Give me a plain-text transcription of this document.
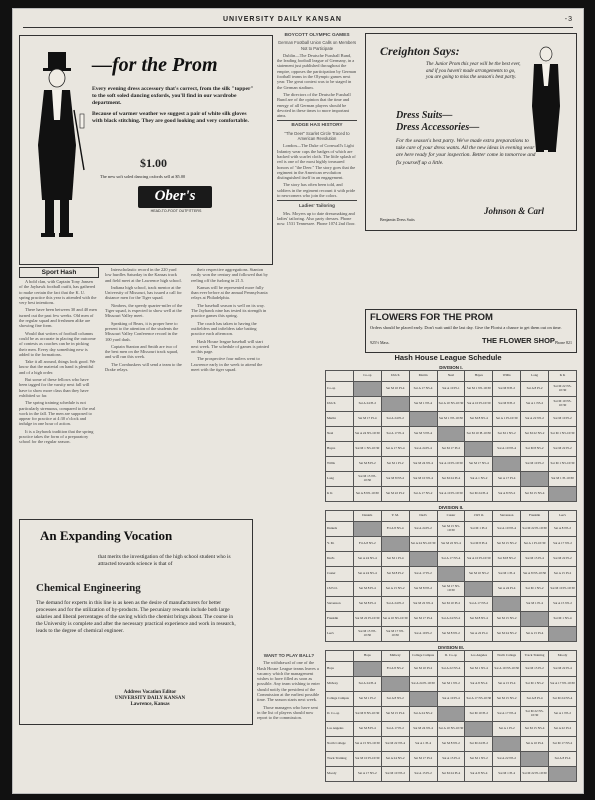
UNIVERSITY DAILY KANSAN	-3
—for the Prom
Every evening dress accessory that's correct, from the silk "topper" to the soft soled dancing oxfords, you'll find in our wardrobe department.
Because of warmer weather we suggest a pair of white silk gloves with black stitching. They are good looking and very comfortable.
$1.00
The new soft soled dancing oxfords sell at $5.00
Ober's
HEAD-TO-FOOT OUTFITTERS
Sport Hash

A bold clan, with Captain Tony Jansen of the Jayhawk football outfit, has gathered to make certain the fact that the K. U. spring practice this year is attended with the very best intentions.

There have been between 30 and 40 men turned out the past few weeks. Old men of the regular squad and freshmen alike are showing fine form.

Would that writers of football columns could be as accurate in placing the outcome of contests as coaches can be in picking their men. Every day something new is added to the formations.

Take it all around, things look good. We know that the material on hand is plentiful and of a high order.

But some of these fellows who have been tagged for the varsity next fall will have to show more class than they have exhibited so far.

The spring training schedule is not particularly strenuous, compared to the real work in the fall. The men are supposed to appear for practice at 4:30 o'clock and indulge in one hour of action.

It is a Jayhawk tradition that the spring practice takes the form of a preparatory school for the regular season.

Interscholastic record in the 220 yard low hurdles Saturday in the Kansas track and field meet at the Lawrence high school.

Indiana high school, track mentor at the University of Missouri, has issued a call for distance men for the Tiger squad.

Nimbers, the speedy quarter-miler of the Tiger squad, is expected to show well at the Missouri Valley meet.

Speaking of Bears, it is proper here to present to the attention of the students the Missouri Valley Conference record in the 100 yard dash.

Captain Stanton and Smith are two of the best men on the Missouri track squad, and will run this week.

The Cornhuskers will send a team to the Drake relays.

their respective aggregations. Stanton easily won the century and followed that by reeling off the furlong in 21.5.

Kansas will be represented more fully than ever before at the annual Pennsylvania relays at Philadelphia.

The baseball season is well on its way. The Jayhawk nine has tested its strength in practice games this spring.

The coach has taken to having the outfielders and infielders take batting practice each afternoon.

Hash House league baseball will start next week. The schedule of games is printed on this page.

The prospective four milers went to Lawrence early in the week to attend the meet with the tiger squad.

An Expanding Vocation
that merits the investigation of the high school student who is attracted towards science is that of
Chemical Engineering
The demand for experts in this line is as keen as the desire of manufacturers for better processes and for the utilization of by-products. The pecuniary rewards include both large salaries and liberal percentages of the saving which the chemist brings about. The course in the University is complete and after the necessary practical experience and work in research, leads to the degree of chemical engineer.
Address Vocation Editor
UNIVERSITY DAILY KANSAN
Lawrence, Kansas
BOYCOTT OLYMPIC GAMES
German Football Union Calls on Members Not to Participate

Dublin—The Deutsche Fussball Bund, the leading football league of Germany, in a statement just published throughout the empire, opposes the participation by German football teams in the Olympic games next year. The great contest was to be staged in the German stadium.

The directors of the Deutsche Fussball Bund are of the opinion that the time and energy of all German players should be devoted in these times to more important aims.

BADGE HAS HISTORY
"The Deer" Scarlet Circle Traced to American Revolution

London—The Duke of Cornwall's Light Infantry wear caps the badges of which are backed with scarlet cloth. The little splash of red is one of the most highly treasured honors of "the Deer." The story goes that the regiment in the American revolution distinguished itself in an engagement.

The story has often been told, and soldiers in the regiment recount it with pride to newcomers who join the colors.

Ladies' Tailoring

Mrs. Moyers up to date dressmaking and ladies' tailoring. Also party dresses. Phone now. 1531 Tennessee. Phone 1074 2nd floor.

WANT TO PLAY BALL?

The withdrawal of one of the Hash House League teams leaves a vacancy which the management wishes to have filled as soon as possible. Any team wishing to enter should notify the president of the Commission at the earliest possible time. The season starts next week.

Those managers who have sent in the list of players should now report to the commission.

Creighton Says:
The Junior Prom this year will be the best ever, and if you haven't made arrangements to go, you are going to miss the season's best party.
Dress Suits—
Dress Accessories—
For the season's best party. We've made extra preparations to take care of your dress wants. All the new ideas in evening wear are here ready for your inspection. Better come in tomorrow and fix yourself up a little.
Johnson & Carl
Benjamin Dress Suits
FLOWERS FOR THE PROM
Orders should be placed early. Don't wait until the last day. Give the Florist a chance to get them out on time.
925½ Mass.	THE FLOWER SHOP Phone 821
Hash House League Schedule
DIVISION I.
	Co-op	Ulrich	Martin	Neal	Hayes	Willis	Long	K K
Co-op		Sat M 10 Pl-4	Sat A 17 N5-4	Sat A 10 Pl-1	Sat M 1 N5-10:30	Sat M 8 Pl-2	Sat A 8 Pl-2	Sat M 22 N5-10:30
Ulrich	Sat A 24 Pl-2		Sat M 1 N5-4	Sat A 10 N5-10:30	Sat A 10 Pl-10:30	Sat M 8 Pl-2	Sat A 1 N5-2	Sat M 10 N5-10:30
Martin	Sat M 17 Pl-4	Sat A 24 Pl-2		Sat M 1 N5-10:30	Sat M 8 N5-4	Sat A 1 Pl-10:30	Sat A 22 N5-2	Sat M 10 Pl-2
Neal	Sat A 24 N5-10:30	Sat A 17 Pl-4	Sat M 3 N5-4		Sat M 10 Pl-10:30	Sat M 1 N5-2	Sat M 22 N5-2	Sat M 1 N5-10:30
Hayes	Sat M 1 N5-10:30	Sat A 17 N5-4	Sat A 24 Pl-4	Sat M 17 Pl-2		Sat A 10 N5-4	Sat M 8 N5-2	Sat M 22 Pl-2
Willis	Sat M 8 Pl-2	Sat M 1 Pl-2	Sat M 24 N5-4	Sat A 10 Pl-10:30	Sat M 17 N5-4		Sat M 10 Pl-2	Sat M 1 N5-10:30
Long	Sat M 15 N5-10:30	Sat M 8 N5-2	Sat M 10 N5-4	Sat M 24 Pl-4	Sat A 1 N5-2	Sat A 17 Pl-4		Sat M 1 Pl-10:30
K K	Sat A 8 N5-10:30	Sat M 22 Pl-2	Sat A 17 N5-2	Sat A 10 Pl-10:30	Sat M 24 Pl-4	Sat A 8 N5-2	Sat M 15 N5-4	
DIVISION II.
	Daniels	Y. M.	Dad's	Custer	1325 O.	Stevenson	Franklin	Lee's
Daniels		Fri A 8 N5-4	Sat A 24 Pl-2	Sat M 15 N5-10:30	Sat M 1 Pl-2	Sat A 10 N5-4	Sat M 22 Pl-10:30	Sat A 8 N5-2
Y. M.	Fri A 8 N5-2		Sat A 24 N5-10:30	Sat M 22 N5-4	Sat M 8 Pl-4	Sat M 15 N5-2	Sat A 1 Pl-10:30	Sat A 17 N5-2
Dad's	Sat A 24 N5-4	Sat M 1 Pl-4		Sat A 17 N5-4	Sat A 10 Pl-10:30	Sat M 8 N5-2	Sat M 15 Pl-4	Sat M 22 Pl-2
Custer	Sat A 24 N5-4	Sat M 8 Pl-2	Sat A 17 Pl-2		Sat M 10 N5-2	Sat M 1 Pl-4	Sat A 8 N5-10:30	Sat A 15 Pl-2
1325 O.	Sat M 8 Pl-4	Sat A 15 N5-2	Sat M 8 N5-2	Sat M 17 N5-10:30		Sat A 24 Pl-4	Sat M 1 N5-2	Sat M 10 Pl-10:30
Stevenson	Sat M 8 Pl-4	Sat A 24 Pl-2	Sat M 22 N5-4	Sat M 10 Pl-2	Sat A 17 N5-2		Sat M 1 Pl-4	Sat A 15 N5-2
Franklin	Sat M 22 Pl-10:30	Sat A 10 N5-10:30	Sat M 17 Pl-4	Sat A 24 N5-2	Sat M 8 N5-4	Sat M 15 N5-2		Sat M 1 N5-4
Lee's	Sat M 15 N5-10:30	Sat M 17 N5-10:30	Sat A 10 Pl-2	Sat M 8 N5-2	Sat A 22 Pl-4	Sat M 24 N5-2	Sat A 15 Pl-4	
DIVISION III.
	Hops	Midway	College Campus	D. Co-op	Los Angeles	North College	Track Training	Moody
Hops		Fri A 8 N5-2	Sat M 10 Pl-2	Sat A 22 N5-4	Sat M 1 N5-4	Sat A 10 N5-10:30	Sat M 15 Pl-2	Sat M 22 Pl-4
Midway	Sat A 24 Pl-4		Sat A 24 Pl-10:30	Sat M 1 N5-2	Sat A 8 N5-4	Sat A 15 Pl-4	Sat M 1 N5-2	Sat A 17 N5-10:30
College Campus	Sat M 1 Pl-2	Sat A 8 N5-2		Sat A 10 Pl-4	Sat A 17 N5-10:30	Sat M 15 N5-2	Sat A 8 Pl-4	Sat M 24 N5-4
D. Co-op	Sat M 8 N5-10:30	Sat M 15 Pl-4	Sat A 24 N5-2		Sat M 10 Pl-2	Sat A 17 N5-4	Sat M 22 N5-10:30	Sat A 1 N5-2
Los Angeles	Sat M 8 Pl-4	Sat A 17 Pl-2	Sat M 24 N5-4	Sat A 10 N5-10:30		Sat A 1 Pl-2	Sat M 15 N5-4	Sat A 22 Pl-2
North College	Sat A 15 N5-10:30	Sat M 22 N5-4	Sat A 1 Pl-4	Sat M 8 N5-2	Sat M 24 Pl-2		Sat A 10 Pl-4	Sat M 17 N5-2
Track Training	Sat M 10 Pl-10:30	Sat A 24 N5-2	Sat M 17 Pl-2	Sat A 15 Pl-4	Sat M 1 N5-2	Sat A 22 N5-2		Sat A 8 Pl-4
Moody	Sat A 17 N5-2	Sat M 10 N5-2	Sat A 15 Pl-2	Sat M 24 Pl-4	Sat A 8 N5-4	Sat M 1 Pl-4	Sat M 22 Pl-10:30	
